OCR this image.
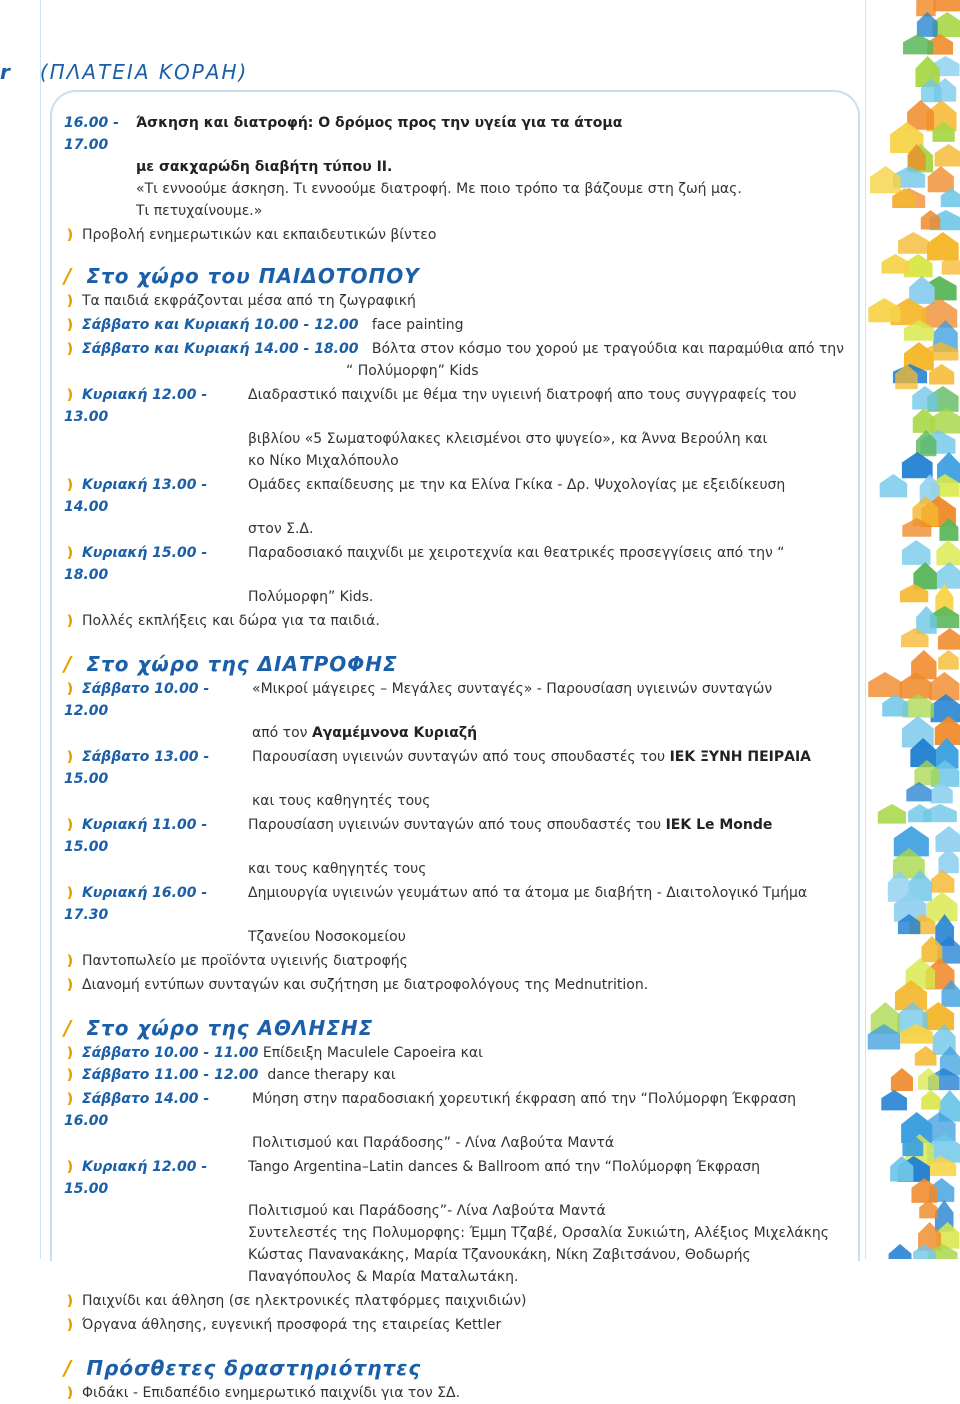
r (ΠΛΑΤΕΙΑ ΚΟΡΑΗ)
16.00 - 17.00
Άσκηση και διατροφή: Ο δρόμος προς την υγεία για τα άτομα
με σακχαρώδη διαβήτη τύπου ΙΙ.
«Τι εννοούμε άσκηση. Τι εννοούμε διατροφή. Με ποιο τρόπο τα βάζουμε στη ζωή μας.
Τι πετυχαίνουμε.»
❫ Προβολή ενημερωτικών και εκπαιδευτικών βίντεο
/ Στο χώρο του ΠΑΙΔΟΤΟΠΟΥ
❫ Τα παιδιά εκφράζονται μέσα από τη ζωγραφική
❫ Σάββατο και Κυριακή 10.00 - 12.00 face painting
❫ Σάββατο και Κυριακή 14.00 - 18.00 Βόλτα στον κόσμο του χορού με τραγούδια και παραμύθια από την
“ Πολύμορφη” Kids
❫ Κυριακή 12.00 - 13.00
Διαδραστικό παιχνίδι με θέμα την υγιεινή διατροφή απο τους συγγραφείς του
βιβλίου «5 Σωματοφύλακες κλεισμένοι στο ψυγείο», κα Άννα Βερούλη και
κο Νίκο Μιχαλόπουλο
❫ Κυριακή 13.00 - 14.00
Ομάδες εκπαίδευσης με την κα Ελίνα Γκίκα - Δρ. Ψυχολογίας με εξειδίκευση
στον Σ.Δ.
❫ Κυριακή 15.00 - 18.00
Παραδοσιακό παιχνίδι με χειροτεχνία και θεατρικές προσεγγίσεις από την “
Πολύμορφη” Kids.
❫ Πολλές εκπλήξεις και δώρα για τα παιδιά.
/ Στο χώρο της ΔΙΑΤΡΟΦΗΣ
❫ Σάββατο 10.00 - 12.00
«Μικροί μάγειρες – Μεγάλες συνταγές» - Παρουσίαση υγιεινών συνταγών
από τον Αγαμέμνονα Κυριαζή
❫ Σάββατο 13.00 - 15.00
Παρουσίαση υγιεινών συνταγών από τους σπουδαστές του ΙΕΚ ΞΥΝΗ ΠΕΙΡΑΙΑ
και τους καθηγητές τους
❫ Κυριακή 11.00 - 15.00
Παρουσίαση υγιεινών συνταγών από τους σπουδαστές του ΙΕΚ Le Monde
και τους καθηγητές τους
❫ Κυριακή 16.00 - 17.30
Δημιουργία υγιεινών γευμάτων από τα άτομα με διαβήτη - Διαιτολογικό Τμήμα
Τζανείου Νοσοκομείου
❫ Παντοπωλείο με προϊόντα υγιεινής διατροφής
❫ Διανομή εντύπων συνταγών και συζήτηση με διατροφολόγους της Mednutrition.
/ Στο χώρο της ΑΘΛΗΣΗΣ
❫ Σάββατο 10.00 - 11.00 Επίδειξη Maculele Capoeira και
❫ Σάββατο 11.00 - 12.00 dance therapy και
❫ Σάββατο 14.00 - 16.00
Μύηση στην παραδοσιακή χορευτική έκφραση από την “Πολύμορφη Έκφραση
Πολιτισμού και Παράδοσης” - Λίνα Λαβούτα Μαντά
❫ Κυριακή 12.00 - 15.00
Tango Argentina–Latin dances & Ballroom από την “Πολύμορφη Έκφραση
Πολιτισμού και Παράδοσης”- Λίνα Λαβούτα Μαντά
Συντελεστές της Πολυμορφης: Έμμη Τζαβέ, Ορσαλία Συκιώτη, Αλέξιος Μιχελάκης
Κώστας Πανανακάκης, Μαρία Τζανουκάκη, Νίκη Ζαβιτσάνου, Θοδωρής
Παναγόπουλος & Μαρία Ματαλωτάκη.
❫ Παιχνίδι και άθληση (σε ηλεκτρονικές πλατφόρμες παιχνιδιών)
❫ Όργανα άθλησης, ευγενική προσφορά της εταιρείας Kettler
/ Πρόσθετες δραστηριότητες
❫ Φιδάκι - Επιδαπέδιο ενημερωτικό παιχνίδι για τον ΣΔ.
